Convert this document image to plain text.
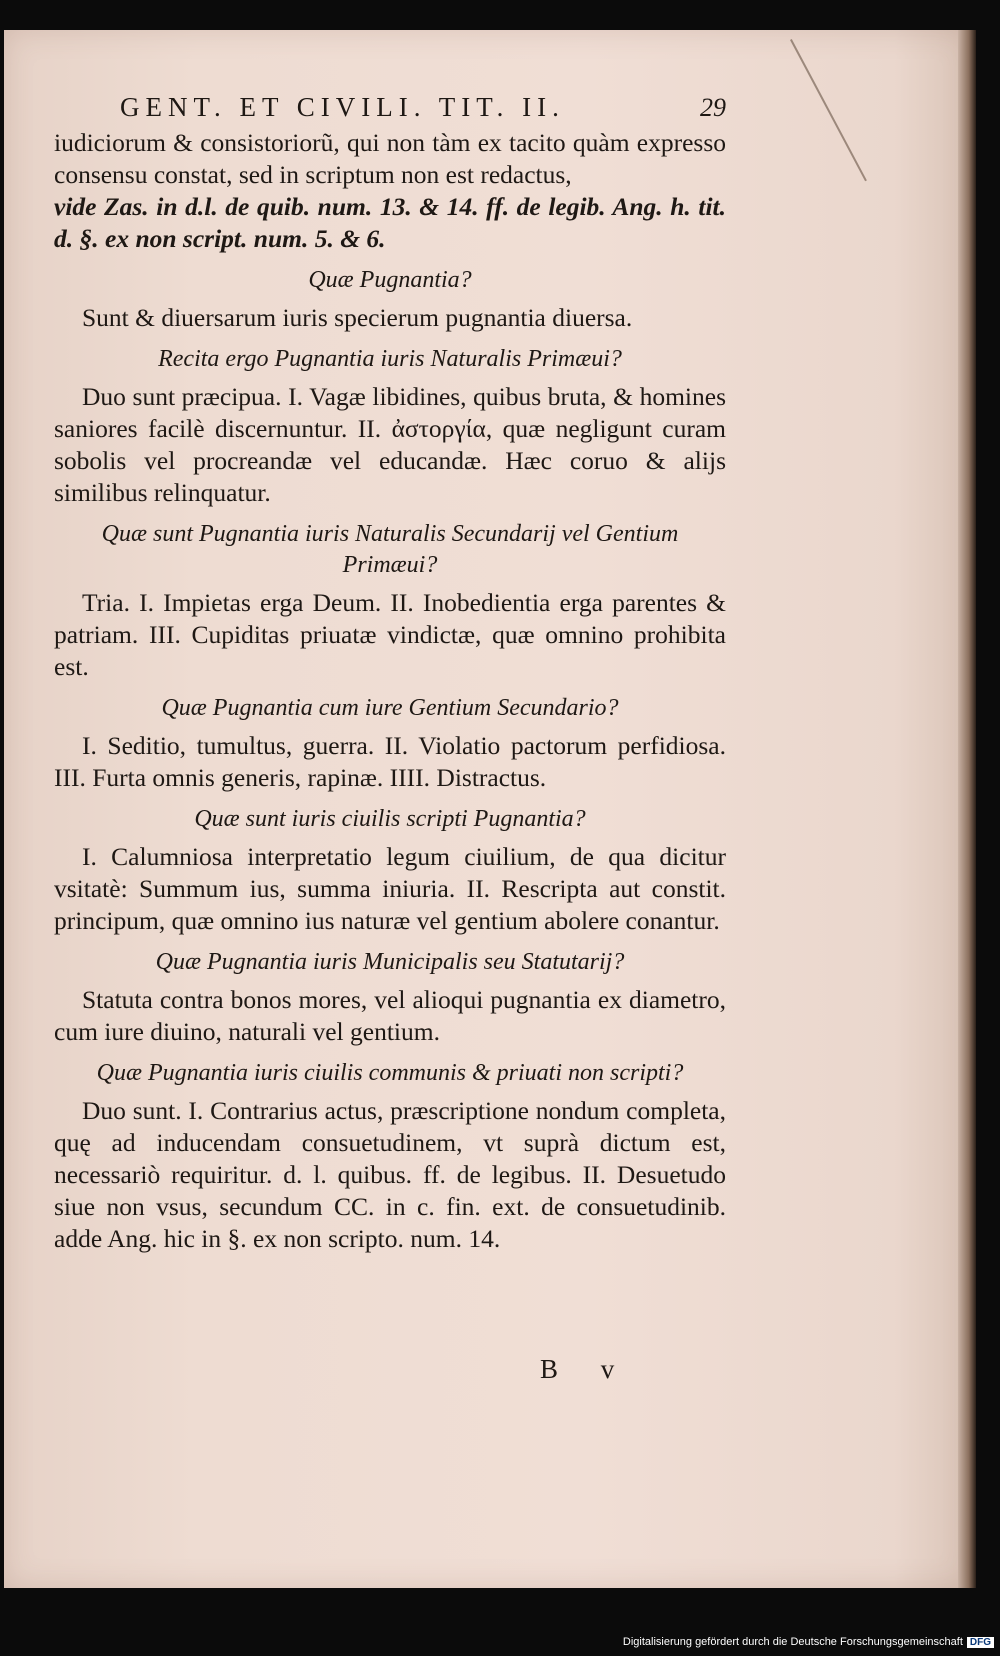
GENT. ET CIVILI. TIT. II.	29

iudiciorum & consistoriorũ, qui non tàm ex tacito quàm expresso consensu constat, sed in scriptum non est redactus,

vide Zas. in d.l. de quib. num. 13. & 14. ff. de legib. Ang. h. tit. d. §. ex non script. num. 5. & 6.

Quæ Pugnantia?

Sunt & diuersarum iuris specierum pugnantia diuersa.

Recita ergo Pugnantia iuris Naturalis Primæui?

Duo sunt præcipua. I. Vagæ libidines, quibus bruta, & homines saniores facilè discernuntur. II. ἀστοργία, quæ negligunt curam sobolis vel procreandæ vel educandæ. Hæc coruo & alijs similibus relinquatur.

Quæ sunt Pugnantia iuris Naturalis Secundarij vel Gentium Primæui?

Tria. I. Impietas erga Deum. II. Inobedientia erga parentes & patriam. III. Cupiditas priuatæ vindictæ, quæ omnino prohibita est.

Quæ Pugnantia cum iure Gentium Secundario?

I. Seditio, tumultus, guerra. II. Violatio pactorum perfidiosa. III. Furta omnis generis, rapinæ. IIII. Distractus.

Quæ sunt iuris ciuilis scripti Pugnantia?

I. Calumniosa interpretatio legum ciuilium, de qua dicitur vsitatè: Summum ius, summa iniuria. II. Rescripta aut constit. principum, quæ omnino ius naturæ vel gentium abolere conantur.

Quæ Pugnantia iuris Municipalis seu Statutarij?

Statuta contra bonos mores, vel alioqui pugnantia ex diametro, cum iure diuino, naturali vel gentium.

Quæ Pugnantia iuris ciuilis communis & priuati non scripti?

Duo sunt. I. Contrarius actus, præscriptione nondum completa, quę ad inducendam consuetudinem, vt suprà dictum est, necessariò requiritur. d. l. quibus. ff. de legibus. II. Desuetudo siue non vsus, secundum CC. in c. fin. ext. de consuetudinib. adde Ang. hic in §. ex non scripto. num. 14.

B v
Digitalisierung gefördert durch die Deutsche Forschungsgemeinschaft DFG
